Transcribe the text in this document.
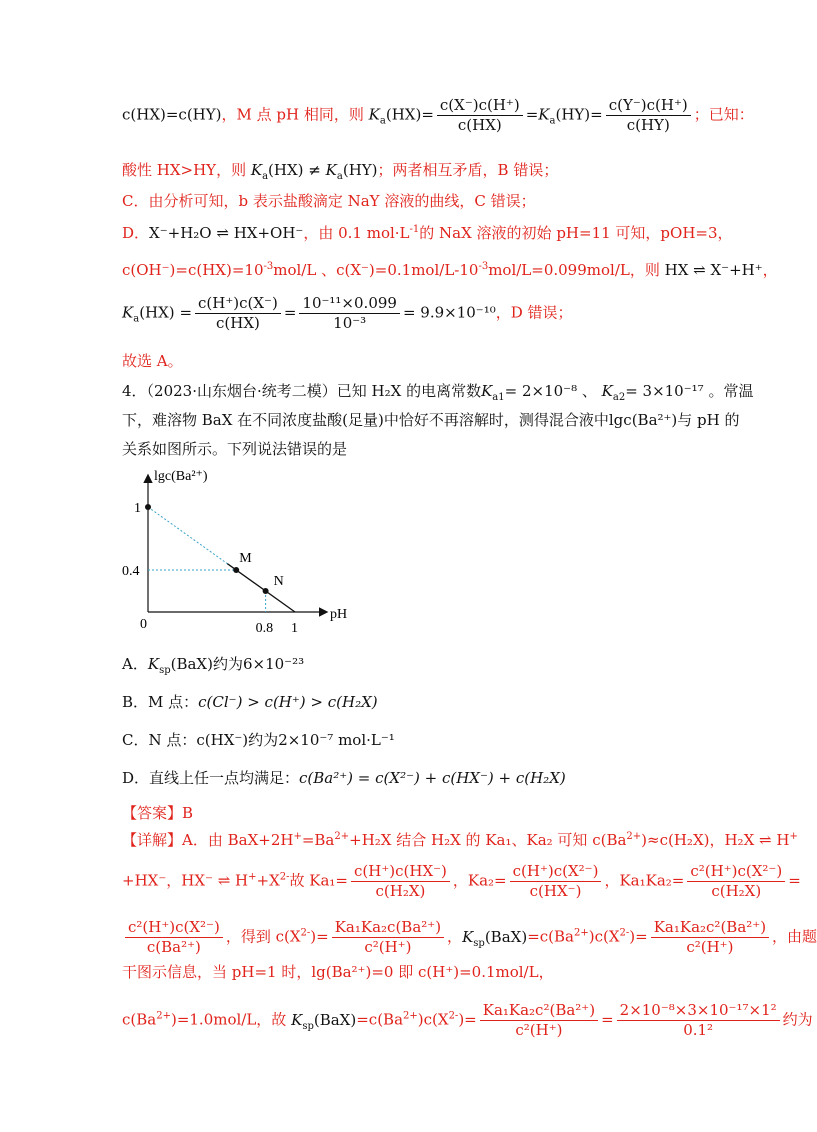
c(HX)=c(HY)，M 点 pH 相同，则 $K_a(HX)= \frac{c(X^-)c(H^+)}{c(HX)} =K_a(HY)= \frac{c(Y^-)c(H^+)}{c(HY)}$ ；已知：
酸性 HX>HY，则 $K_a(HX) \ne K_a(HY)$；两者相互矛盾，B 错误；
C．由分析可知，b 表示盐酸滴定 NaY 溶液的曲线，C 错误；
D．X⁻+H₂O ⇌ HX+OH⁻，由 0.1 $mol\cdot L^{-1}$的 NaX 溶液的初始 pH=11 可知，pOH=3，
$c(OH^-)=c(HX)=10^{-3}mol/L$ 、$c(X^-)=0.1mol/L-10^{-3}mol/L=0.099mol/L$，则 HX ⇌ X⁻+H⁺，
$K_a(HX) = \frac{c(H^+)c(X^-)}{c(HX)} = \frac{\text{10⁻¹¹×0.099}}{\text{10⁻³}} = 9.9\times 10^{-10}$，D 错误；
故选 A。
4．（2023·山东烟台·统考二模）已知 H₂X 的电离常数$K_{a1}= 2\times 10^{-8}$ 、 $K_{a2}= 3\times 10^{-17}$ 。常温
下，难溶物 BaX 在不同浓度盐酸(足量)中恰好不再溶解时，测得混合液中lgc(Ba²⁺)与 pH 的
关系如图所示。下列说法错误的是
lgc(Ba²⁺)
pH
0
M
N
1
0.4
0.8 1
A．$K_{sp}(BaX)$约为6×10⁻²³
B．M 点：c(Cl⁻) > c(H⁺) > c(H₂X)
C．N 点：c(HX⁻)约为2×10⁻⁷ mol·L⁻¹
D．直线上任一点均满足：c(Ba²⁺) = c(X²⁻) + c(HX⁻) + c(H₂X)
【答案】B
【详解】A．由 $BaX+2H^+=Ba^{2+}+H_2X$ 结合 H₂X 的 Ka₁、Ka₂ 可知 $c(Ba^{2+})\approx c(H_2X)$，H₂X ⇌ H+
+HX⁻，HX⁻ ⇌ $H^++X^{2-}$故 $Ka_1= \frac{c(H^+)c(HX^-)}{\text{c(H₂X)}}$ ，$Ka_2= \frac{\text{c(H⁺)c(X²⁻)}}{c(HX^-)}$ ，$Ka_1Ka_2= \frac{\text{c²(H⁺)c(X²⁻)}}{\text{c(H₂X)}}$ =
$\frac{\text{c²(H⁺)c(X²⁻)}}{\text{c(Ba²⁺)}}$ ，得到 $c(X^{2-})= \frac{\text{Ka₁Ka₂c(Ba²⁺)}}{\text{c²(H⁺)}}$ ，$K_{sp}(BaX)=c(Ba^{2+})c(X^{2-})= \frac{\text{Ka₁Ka₂c²(Ba²⁺)}}{\text{c²(H⁺)}}$ ，由题
干图示信息，当 pH=1 时，lg(Ba²⁺)=0 即 c(H⁺)=0.1mol/L，
$c(Ba^{2+})=1.0mol/L$，故 $K_{sp}(BaX)=c(Ba^{2+})c(X^{2-})= \frac{\text{Ka₁Ka₂c²(Ba²⁺)}}{\text{c²(H⁺)}} = \frac{\text{2×10⁻⁸×3×10⁻¹⁷×1²}}{\text{0.1²}}$ 约为
